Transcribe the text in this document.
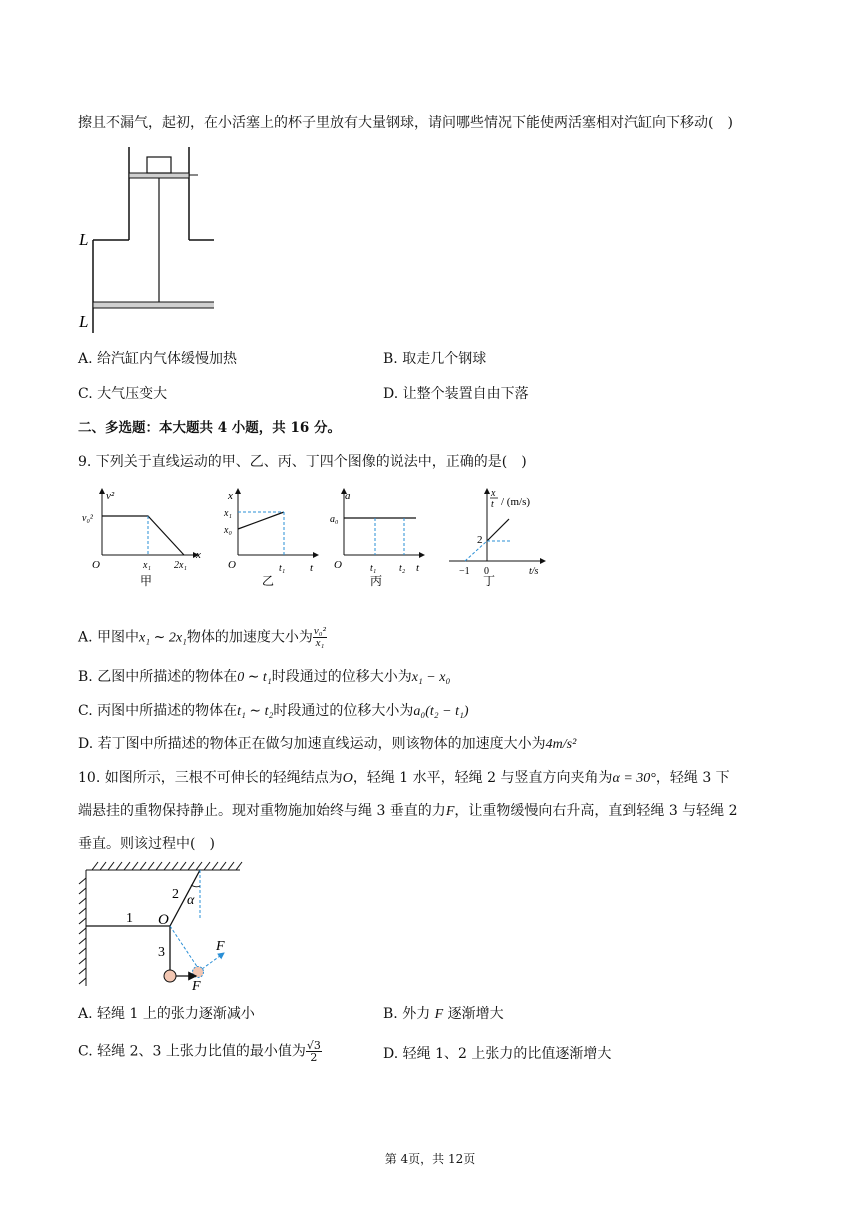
擦且不漏气，起初，在小活塞上的杯子里放有大量钢球，请问哪些情况下能使两活塞相对汽缸向下移动(　)
L
L
A. 给汽缸内气体缓慢加热	B. 取走几个钢球
C. 大气压变大	D. 让整个装置自由下落
二、多选题：本大题共 4 小题，共 16 分。
9. 下列关于直线运动的甲、乙、丙、丁四个图像的说法中，正确的是(　)
v²
v₀²
x
O	x₁ 2x₁
甲
x
x₁
x₀
t
O	t₁
乙
a
a₀
t
O	t₁ t₂
丙
x
t / (m/s)
2
−1 0	t/s
丁
A. 甲图中x₁ ∼ 2x₁物体的加速度大小为 $\frac{\text{v₀²}}{\text{x₁}}$
B. 乙图中所描述的物体在0 ∼ t₁时段通过的位移大小为x₁ − x₀
C. 丙图中所描述的物体在t₁ ∼ t₂时段通过的位移大小为a₀(t₂ − t₁)
D. 若丁图中所描述的物体正在做匀加速直线运动，则该物体的加速度大小为4m/s²
10. 如图所示，三根不可伸长的轻绳结点为O，轻绳 1 水平，轻绳 2 与竖直方向夹角为α = 30°，轻绳 3 下
端悬挂的重物保持静止。现对重物施加始终与绳 3 垂直的力F，让重物缓慢向右升高，直到轻绳 3 与轻绳 2
垂直。则该过程中(　)
1
2
3
O
α
F
F
A. 轻绳 1 上的张力逐渐减小	B. 外力 F 逐渐增大
C. 轻绳 2、3 上张力比值的最小值为 $\frac{√3}{2}$	D. 轻绳 1、2 上张力的比值逐渐增大
第 4页，共 12页
